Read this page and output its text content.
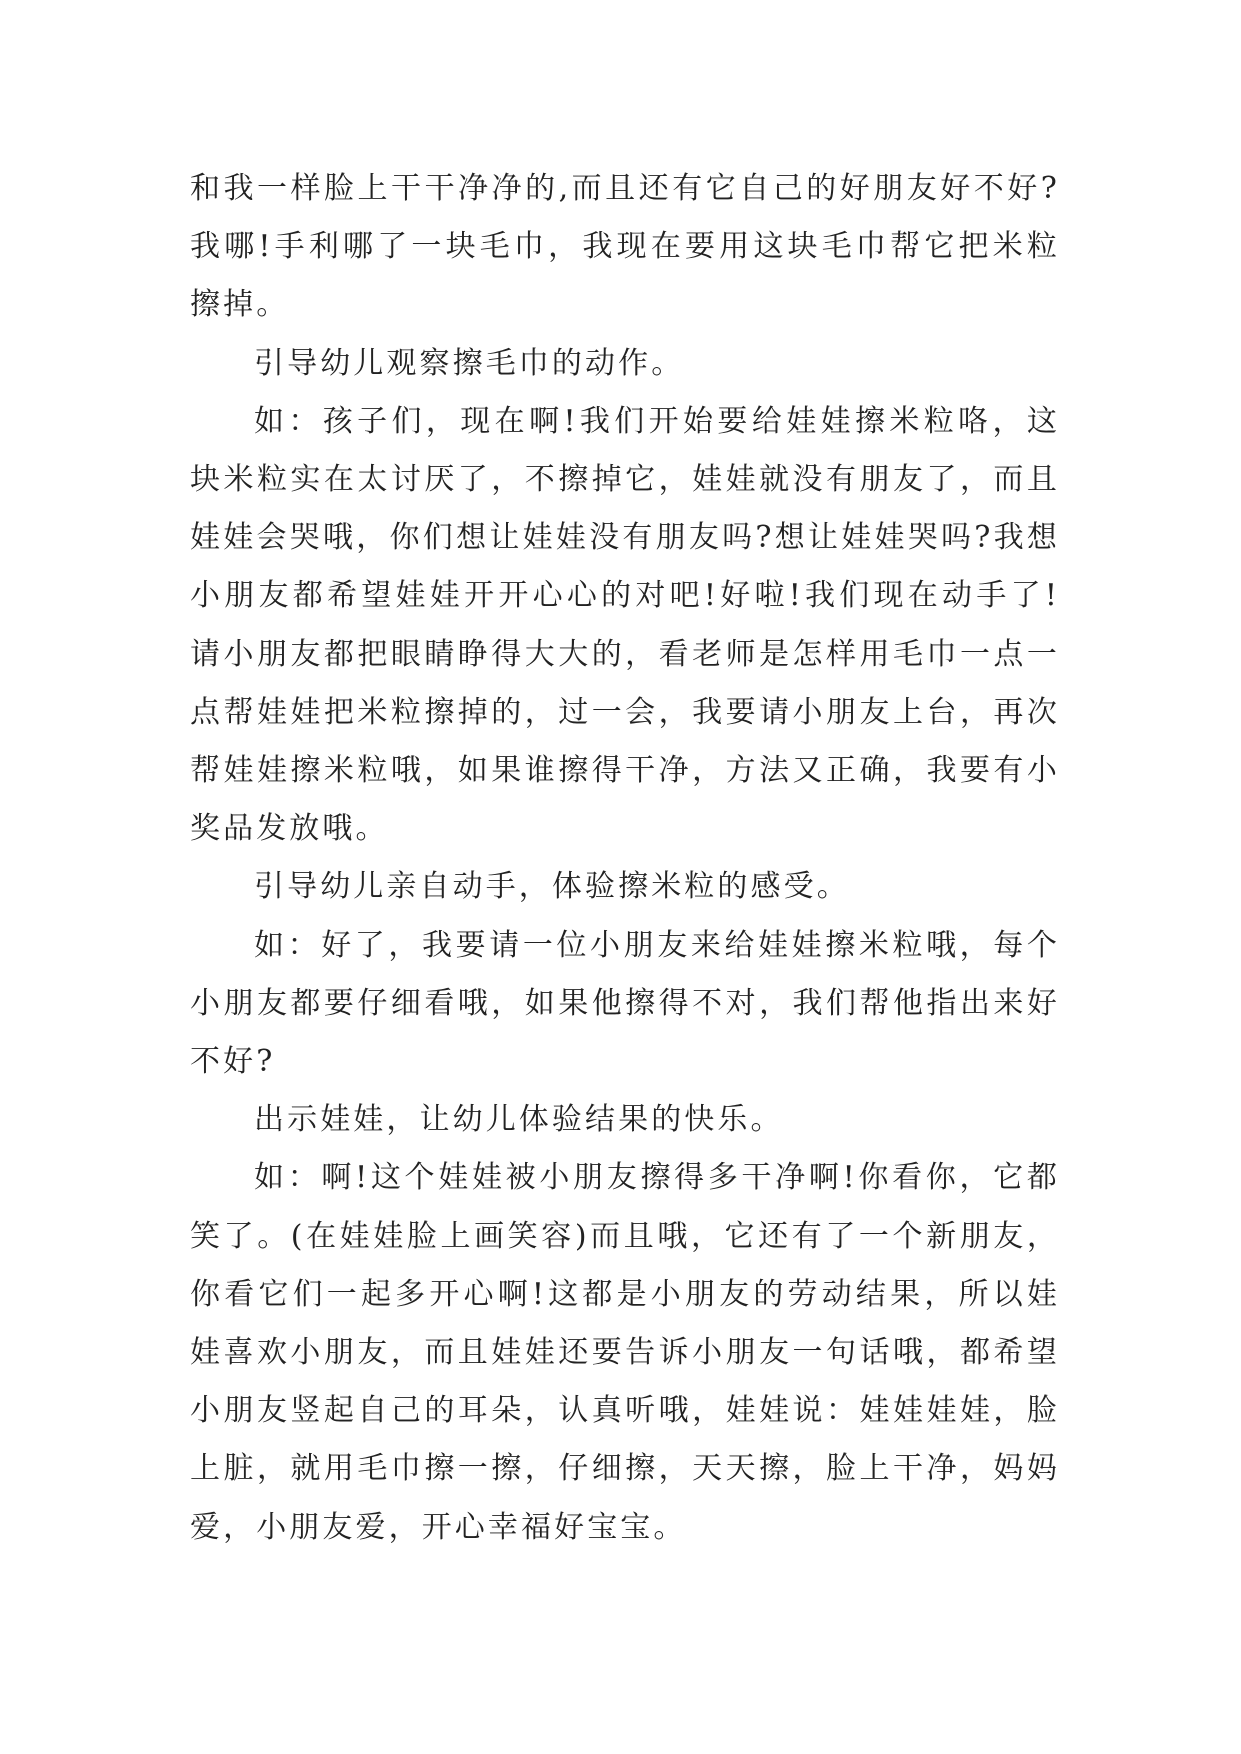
和我一样脸上干干净净的,而且还有它自己的好朋友好不好?我哪!手利哪了一块毛巾，我现在要用这块毛巾帮它把米粒擦掉。

引导幼儿观察擦毛巾的动作。

如：孩子们，现在啊!我们开始要给娃娃擦米粒咯，这块米粒实在太讨厌了，不擦掉它，娃娃就没有朋友了，而且娃娃会哭哦，你们想让娃娃没有朋友吗?想让娃娃哭吗?我想小朋友都希望娃娃开开心心的对吧!好啦!我们现在动手了!请小朋友都把眼睛睁得大大的，看老师是怎样用毛巾一点一点帮娃娃把米粒擦掉的，过一会，我要请小朋友上台，再次帮娃娃擦米粒哦，如果谁擦得干净，方法又正确，我要有小奖品发放哦。

引导幼儿亲自动手，体验擦米粒的感受。

如：好了，我要请一位小朋友来给娃娃擦米粒哦，每个小朋友都要仔细看哦，如果他擦得不对，我们帮他指出来好不好?

出示娃娃，让幼儿体验结果的快乐。

如：啊!这个娃娃被小朋友擦得多干净啊!你看你，它都笑了。(在娃娃脸上画笑容)而且哦，它还有了一个新朋友，你看它们一起多开心啊!这都是小朋友的劳动结果，所以娃娃喜欢小朋友，而且娃娃还要告诉小朋友一句话哦，都希望小朋友竖起自己的耳朵，认真听哦，娃娃说：娃娃娃娃，脸上脏，就用毛巾擦一擦，仔细擦，天天擦，脸上干净，妈妈爱，小朋友爱，开心幸福好宝宝。
